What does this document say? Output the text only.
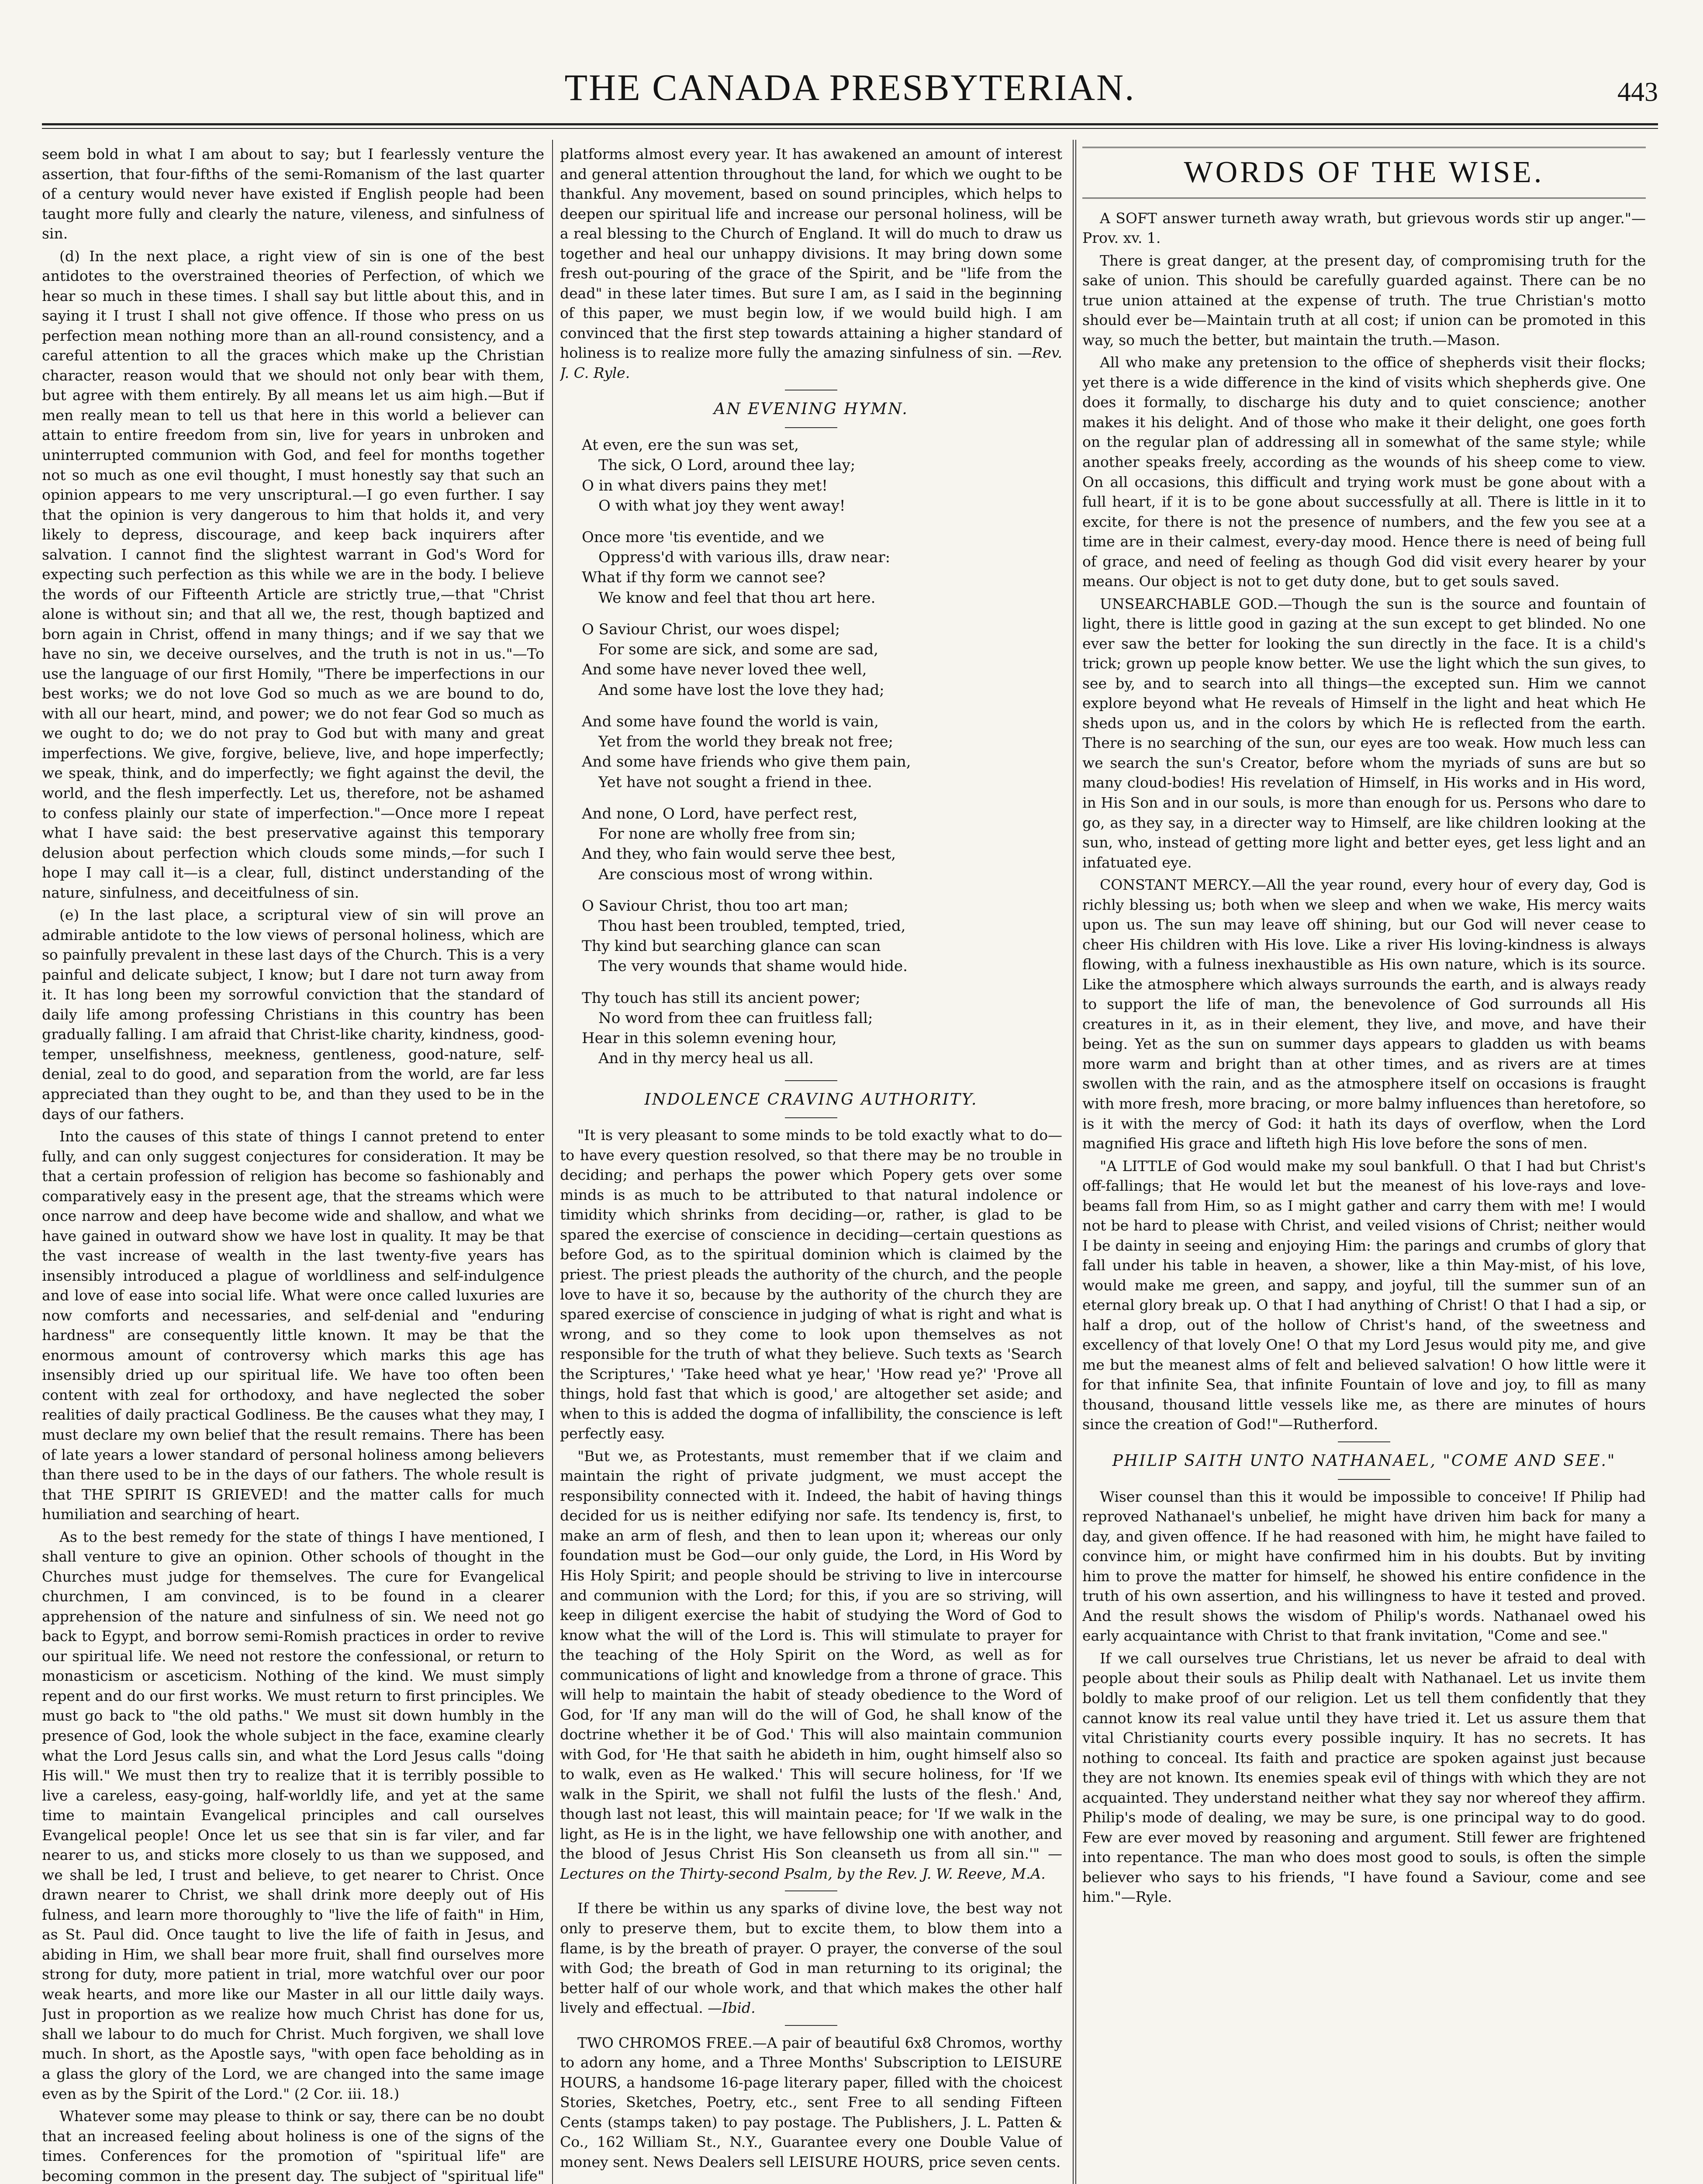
THE CANADA PRESBYTERIAN.	443

seem bold in what I am about to say; but I fearlessly venture the assertion, that four-fifths of the semi-Romanism of the last quarter of a century would never have existed if English people had been taught more fully and clearly the nature, vileness, and sinfulness of sin.

(d) In the next place, a right view of sin is one of the best antidotes to the overstrained theories of Perfection, of which we hear so much in these times. I shall say but little about this, and in saying it I trust I shall not give offence. If those who press on us perfection mean nothing more than an all-round consistency, and a careful attention to all the graces which make up the Christian character, reason would that we should not only bear with them, but agree with them entirely. By all means let us aim high.—But if men really mean to tell us that here in this world a believer can attain to entire freedom from sin, live for years in unbroken and uninterrupted communion with God, and feel for months together not so much as one evil thought, I must honestly say that such an opinion appears to me very unscriptural.—I go even further. I say that the opinion is very dangerous to him that holds it, and very likely to depress, discourage, and keep back inquirers after salvation. I cannot find the slightest warrant in God's Word for expecting such perfection as this while we are in the body. I believe the words of our Fifteenth Article are strictly true,—that "Christ alone is without sin; and that all we, the rest, though baptized and born again in Christ, offend in many things; and if we say that we have no sin, we deceive ourselves, and the truth is not in us."—To use the language of our first Homily, "There be imperfections in our best works; we do not love God so much as we are bound to do, with all our heart, mind, and power; we do not fear God so much as we ought to do; we do not pray to God but with many and great imperfections. We give, forgive, believe, live, and hope imperfectly; we speak, think, and do imperfectly; we fight against the devil, the world, and the flesh imperfectly. Let us, therefore, not be ashamed to confess plainly our state of imperfection."—Once more I repeat what I have said: the best preservative against this temporary delusion about perfection which clouds some minds,—for such I hope I may call it—is a clear, full, distinct understanding of the nature, sinfulness, and deceitfulness of sin.

(e) In the last place, a scriptural view of sin will prove an admirable antidote to the low views of personal holiness, which are so painfully prevalent in these last days of the Church. This is a very painful and delicate subject, I know; but I dare not turn away from it. It has long been my sorrowful conviction that the standard of daily life among professing Christians in this country has been gradually falling. I am afraid that Christ-like charity, kindness, good-temper, unselfishness, meekness, gentleness, good-nature, self-denial, zeal to do good, and separation from the world, are far less appreciated than they ought to be, and than they used to be in the days of our fathers.

Into the causes of this state of things I cannot pretend to enter fully, and can only suggest conjectures for consideration. It may be that a certain profession of religion has become so fashionably and comparatively easy in the present age, that the streams which were once narrow and deep have become wide and shallow, and what we have gained in outward show we have lost in quality. It may be that the vast increase of wealth in the last twenty-five years has insensibly introduced a plague of worldliness and self-indulgence and love of ease into social life. What were once called luxuries are now comforts and necessaries, and self-denial and "enduring hardness" are consequently little known. It may be that the enormous amount of controversy which marks this age has insensibly dried up our spiritual life. We have too often been content with zeal for orthodoxy, and have neglected the sober realities of daily practical Godliness. Be the causes what they may, I must declare my own belief that the result remains. There has been of late years a lower standard of personal holiness among believers than there used to be in the days of our fathers. The whole result is that THE SPIRIT IS GRIEVED! and the matter calls for much humiliation and searching of heart.

As to the best remedy for the state of things I have mentioned, I shall venture to give an opinion. Other schools of thought in the Churches must judge for themselves. The cure for Evangelical churchmen, I am convinced, is to be found in a clearer apprehension of the nature and sinfulness of sin. We need not go back to Egypt, and borrow semi-Romish practices in order to revive our spiritual life. We need not restore the confessional, or return to monasticism or asceticism. Nothing of the kind. We must simply repent and do our first works. We must return to first principles. We must go back to "the old paths." We must sit down humbly in the presence of God, look the whole subject in the face, examine clearly what the Lord Jesus calls sin, and what the Lord Jesus calls "doing His will." We must then try to realize that it is terribly possible to live a careless, easy-going, half-worldly life, and yet at the same time to maintain Evangelical principles and call ourselves Evangelical people! Once let us see that sin is far viler, and far nearer to us, and sticks more closely to us than we supposed, and we shall be led, I trust and believe, to get nearer to Christ. Once drawn nearer to Christ, we shall drink more deeply out of His fulness, and learn more thoroughly to "live the life of faith" in Him, as St. Paul did. Once taught to live the life of faith in Jesus, and abiding in Him, we shall bear more fruit, shall find ourselves more strong for duty, more patient in trial, more watchful over our poor weak hearts, and more like our Master in all our little daily ways. Just in proportion as we realize how much Christ has done for us, shall we labour to do much for Christ. Much forgiven, we shall love much. In short, as the Apostle says, "with open face beholding as in a glass the glory of the Lord, we are changed into the same image even as by the Spirit of the Lord." (2 Cor. iii. 18.)

Whatever some may please to think or say, there can be no doubt that an increased feeling about holiness is one of the signs of the times. Conferences for the promotion of "spiritual life" are becoming common in the present day. The subject of "spiritual life"

platforms almost every year. It has awakened an amount of interest and general attention throughout the land, for which we ought to be thankful. Any movement, based on sound principles, which helps to deepen our spiritual life and increase our personal holiness, will be a real blessing to the Church of England. It will do much to draw us together and heal our unhappy divisions. It may bring down some fresh out-pouring of the grace of the Spirit, and be "life from the dead" in these later times. But sure I am, as I said in the beginning of this paper, we must begin low, if we would build high. I am convinced that the first step towards attaining a higher standard of holiness is to realize more fully the amazing sinfulness of sin. —Rev. J. C. Ryle.

AN EVENING HYMN.
At even, ere the sun was set,
The sick, O Lord, around thee lay;
O in what divers pains they met!
O with what joy they went away!
Once more 'tis eventide, and we
Oppress'd with various ills, draw near:
What if thy form we cannot see?
We know and feel that thou art here.
O Saviour Christ, our woes dispel;
For some are sick, and some are sad,
And some have never loved thee well,
And some have lost the love they had;
And some have found the world is vain,
Yet from the world they break not free;
And some have friends who give them pain,
Yet have not sought a friend in thee.
And none, O Lord, have perfect rest,
For none are wholly free from sin;
And they, who fain would serve thee best,
Are conscious most of wrong within.
O Saviour Christ, thou too art man;
Thou hast been troubled, tempted, tried,
Thy kind but searching glance can scan
The very wounds that shame would hide.
Thy touch has still its ancient power;
No word from thee can fruitless fall;
Hear in this solemn evening hour,
And in thy mercy heal us all.
INDOLENCE CRAVING AUTHORITY.

"It is very pleasant to some minds to be told exactly what to do—to have every question resolved, so that there may be no trouble in deciding; and perhaps the power which Popery gets over some minds is as much to be attributed to that natural indolence or timidity which shrinks from deciding—or, rather, is glad to be spared the exercise of conscience in deciding—certain questions as before God, as to the spiritual dominion which is claimed by the priest. The priest pleads the authority of the church, and the people love to have it so, because by the authority of the church they are spared exercise of conscience in judging of what is right and what is wrong, and so they come to look upon themselves as not responsible for the truth of what they believe. Such texts as 'Search the Scriptures,' 'Take heed what ye hear,' 'How read ye?' 'Prove all things, hold fast that which is good,' are altogether set aside; and when to this is added the dogma of infallibility, the conscience is left perfectly easy.

"But we, as Protestants, must remember that if we claim and maintain the right of private judgment, we must accept the responsibility connected with it. Indeed, the habit of having things decided for us is neither edifying nor safe. Its tendency is, first, to make an arm of flesh, and then to lean upon it; whereas our only foundation must be God—our only guide, the Lord, in His Word by His Holy Spirit; and people should be striving to live in intercourse and communion with the Lord; for this, if you are so striving, will keep in diligent exercise the habit of studying the Word of God to know what the will of the Lord is. This will stimulate to prayer for the teaching of the Holy Spirit on the Word, as well as for communications of light and knowledge from a throne of grace. This will help to maintain the habit of steady obedience to the Word of God, for 'If any man will do the will of God, he shall know of the doctrine whether it be of God.' This will also maintain communion with God, for 'He that saith he abideth in him, ought himself also so to walk, even as He walked.' This will secure holiness, for 'If we walk in the Spirit, we shall not fulfil the lusts of the flesh.' And, though last not least, this will maintain peace; for 'If we walk in the light, as He is in the light, we have fellowship one with another, and the blood of Jesus Christ His Son cleanseth us from all sin.'" —Lectures on the Thirty-second Psalm, by the Rev. J. W. Reeve, M.A.

If there be within us any sparks of divine love, the best way not only to preserve them, but to excite them, to blow them into a flame, is by the breath of prayer. O prayer, the converse of the soul with God; the breath of God in man returning to its original; the better half of our whole work, and that which makes the other half lively and effectual. —Ibid.

TWO CHROMOS FREE.—A pair of beautiful 6x8 Chromos, worthy to adorn any home, and a Three Months' Subscription to LEISURE HOURS, a handsome 16-page literary paper, filled with the choicest Stories, Sketches, Poetry, etc., sent Free to all sending Fifteen Cents (stamps taken) to pay postage. The Publishers, J. L. Patten & Co., 162 William St., N.Y., Guarantee every one Double Value of money sent. News Dealers sell LEISURE HOURS, price seven cents.

WORDS OF THE WISE.

A SOFT answer turneth away wrath, but grievous words stir up anger."—Prov. xv. 1.

There is great danger, at the present day, of compromising truth for the sake of union. This should be carefully guarded against. There can be no true union attained at the expense of truth. The true Christian's motto should ever be—Maintain truth at all cost; if union can be promoted in this way, so much the better, but maintain the truth.—Mason.

All who make any pretension to the office of shepherds visit their flocks; yet there is a wide difference in the kind of visits which shepherds give. One does it formally, to discharge his duty and to quiet conscience; another makes it his delight. And of those who make it their delight, one goes forth on the regular plan of addressing all in somewhat of the same style; while another speaks freely, according as the wounds of his sheep come to view. On all occasions, this difficult and trying work must be gone about with a full heart, if it is to be gone about successfully at all. There is little in it to excite, for there is not the presence of numbers, and the few you see at a time are in their calmest, every-day mood. Hence there is need of being full of grace, and need of feeling as though God did visit every hearer by your means. Our object is not to get duty done, but to get souls saved.

UNSEARCHABLE GOD.—Though the sun is the source and fountain of light, there is little good in gazing at the sun except to get blinded. No one ever saw the better for looking the sun directly in the face. It is a child's trick; grown up people know better. We use the light which the sun gives, to see by, and to search into all things—the excepted sun. Him we cannot explore beyond what He reveals of Himself in the light and heat which He sheds upon us, and in the colors by which He is reflected from the earth. There is no searching of the sun, our eyes are too weak. How much less can we search the sun's Creator, before whom the myriads of suns are but so many cloud-bodies! His revelation of Himself, in His works and in His word, in His Son and in our souls, is more than enough for us. Persons who dare to go, as they say, in a directer way to Himself, are like children looking at the sun, who, instead of getting more light and better eyes, get less light and an infatuated eye.

CONSTANT MERCY.—All the year round, every hour of every day, God is richly blessing us; both when we sleep and when we wake, His mercy waits upon us. The sun may leave off shining, but our God will never cease to cheer His children with His love. Like a river His loving-kindness is always flowing, with a fulness inexhaustible as His own nature, which is its source. Like the atmosphere which always surrounds the earth, and is always ready to support the life of man, the benevolence of God surrounds all His creatures in it, as in their element, they live, and move, and have their being. Yet as the sun on summer days appears to gladden us with beams more warm and bright than at other times, and as rivers are at times swollen with the rain, and as the atmosphere itself on occasions is fraught with more fresh, more bracing, or more balmy influences than heretofore, so is it with the mercy of God: it hath its days of overflow, when the Lord magnified His grace and lifteth high His love before the sons of men.

"A LITTLE of God would make my soul bankfull. O that I had but Christ's off-fallings; that He would let but the meanest of his love-rays and love-beams fall from Him, so as I might gather and carry them with me! I would not be hard to please with Christ, and veiled visions of Christ; neither would I be dainty in seeing and enjoying Him: the parings and crumbs of glory that fall under his table in heaven, a shower, like a thin May-mist, of his love, would make me green, and sappy, and joyful, till the summer sun of an eternal glory break up. O that I had anything of Christ! O that I had a sip, or half a drop, out of the hollow of Christ's hand, of the sweetness and excellency of that lovely One! O that my Lord Jesus would pity me, and give me but the meanest alms of felt and believed salvation! O how little were it for that infinite Sea, that infinite Fountain of love and joy, to fill as many thousand, thousand little vessels like me, as there are minutes of hours since the creation of God!"—Rutherford.

PHILIP SAITH UNTO NATHANAEL, "COME AND SEE."

Wiser counsel than this it would be impossible to conceive! If Philip had reproved Nathanael's unbelief, he might have driven him back for many a day, and given offence. If he had reasoned with him, he might have failed to convince him, or might have confirmed him in his doubts. But by inviting him to prove the matter for himself, he showed his entire confidence in the truth of his own assertion, and his willingness to have it tested and proved. And the result shows the wisdom of Philip's words. Nathanael owed his early acquaintance with Christ to that frank invitation, "Come and see."

If we call ourselves true Christians, let us never be afraid to deal with people about their souls as Philip dealt with Nathanael. Let us invite them boldly to make proof of our religion. Let us tell them confidently that they cannot know its real value until they have tried it. Let us assure them that vital Christianity courts every possible inquiry. It has no secrets. It has nothing to conceal. Its faith and practice are spoken against just because they are not known. Its enemies speak evil of things with which they are not acquainted. They understand neither what they say nor whereof they affirm. Philip's mode of dealing, we may be sure, is one principal way to do good. Few are ever moved by reasoning and argument. Still fewer are frightened into repentance. The man who does most good to souls, is often the simple believer who says to his friends, "I have found a Saviour, come and see him."—Ryle.
